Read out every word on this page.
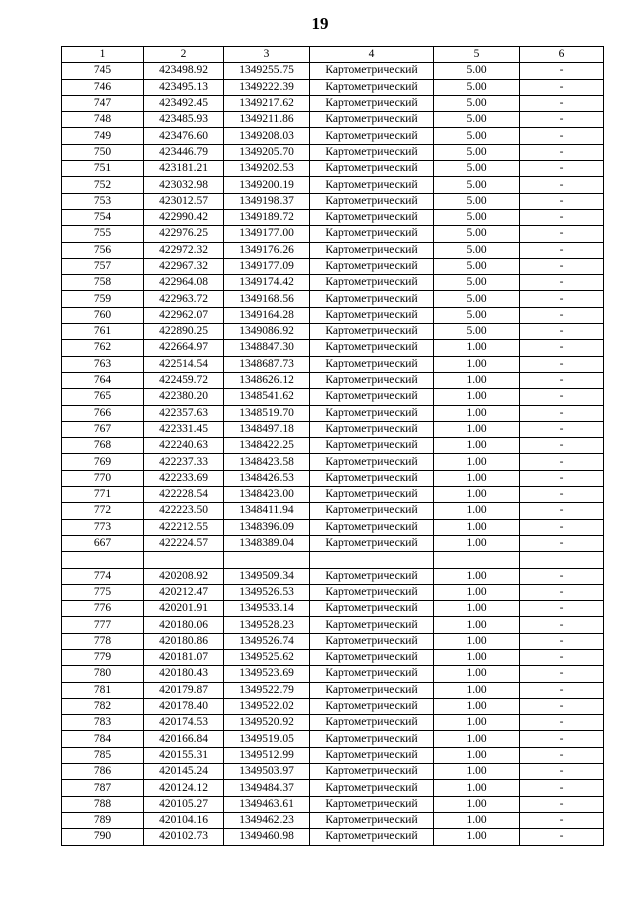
19
1	2	3	4	5	6
745	423498.92	1349255.75	Картометрический	5.00	-
746	423495.13	1349222.39	Картометрический	5.00	-
747	423492.45	1349217.62	Картометрический	5.00	-
748	423485.93	1349211.86	Картометрический	5.00	-
749	423476.60	1349208.03	Картометрический	5.00	-
750	423446.79	1349205.70	Картометрический	5.00	-
751	423181.21	1349202.53	Картометрический	5.00	-
752	423032.98	1349200.19	Картометрический	5.00	-
753	423012.57	1349198.37	Картометрический	5.00	-
754	422990.42	1349189.72	Картометрический	5.00	-
755	422976.25	1349177.00	Картометрический	5.00	-
756	422972.32	1349176.26	Картометрический	5.00	-
757	422967.32	1349177.09	Картометрический	5.00	-
758	422964.08	1349174.42	Картометрический	5.00	-
759	422963.72	1349168.56	Картометрический	5.00	-
760	422962.07	1349164.28	Картометрический	5.00	-
761	422890.25	1349086.92	Картометрический	5.00	-
762	422664.97	1348847.30	Картометрический	1.00	-
763	422514.54	1348687.73	Картометрический	1.00	-
764	422459.72	1348626.12	Картометрический	1.00	-
765	422380.20	1348541.62	Картометрический	1.00	-
766	422357.63	1348519.70	Картометрический	1.00	-
767	422331.45	1348497.18	Картометрический	1.00	-
768	422240.63	1348422.25	Картометрический	1.00	-
769	422237.33	1348423.58	Картометрический	1.00	-
770	422233.69	1348426.53	Картометрический	1.00	-
771	422228.54	1348423.00	Картометрический	1.00	-
772	422223.50	1348411.94	Картометрический	1.00	-
773	422212.55	1348396.09	Картометрический	1.00	-
667	422224.57	1348389.04	Картометрический	1.00	-

774	420208.92	1349509.34	Картометрический	1.00	-
775	420212.47	1349526.53	Картометрический	1.00	-
776	420201.91	1349533.14	Картометрический	1.00	-
777	420180.06	1349528.23	Картометрический	1.00	-
778	420180.86	1349526.74	Картометрический	1.00	-
779	420181.07	1349525.62	Картометрический	1.00	-
780	420180.43	1349523.69	Картометрический	1.00	-
781	420179.87	1349522.79	Картометрический	1.00	-
782	420178.40	1349522.02	Картометрический	1.00	-
783	420174.53	1349520.92	Картометрический	1.00	-
784	420166.84	1349519.05	Картометрический	1.00	-
785	420155.31	1349512.99	Картометрический	1.00	-
786	420145.24	1349503.97	Картометрический	1.00	-
787	420124.12	1349484.37	Картометрический	1.00	-
788	420105.27	1349463.61	Картометрический	1.00	-
789	420104.16	1349462.23	Картометрический	1.00	-
790	420102.73	1349460.98	Картометрический	1.00	-
